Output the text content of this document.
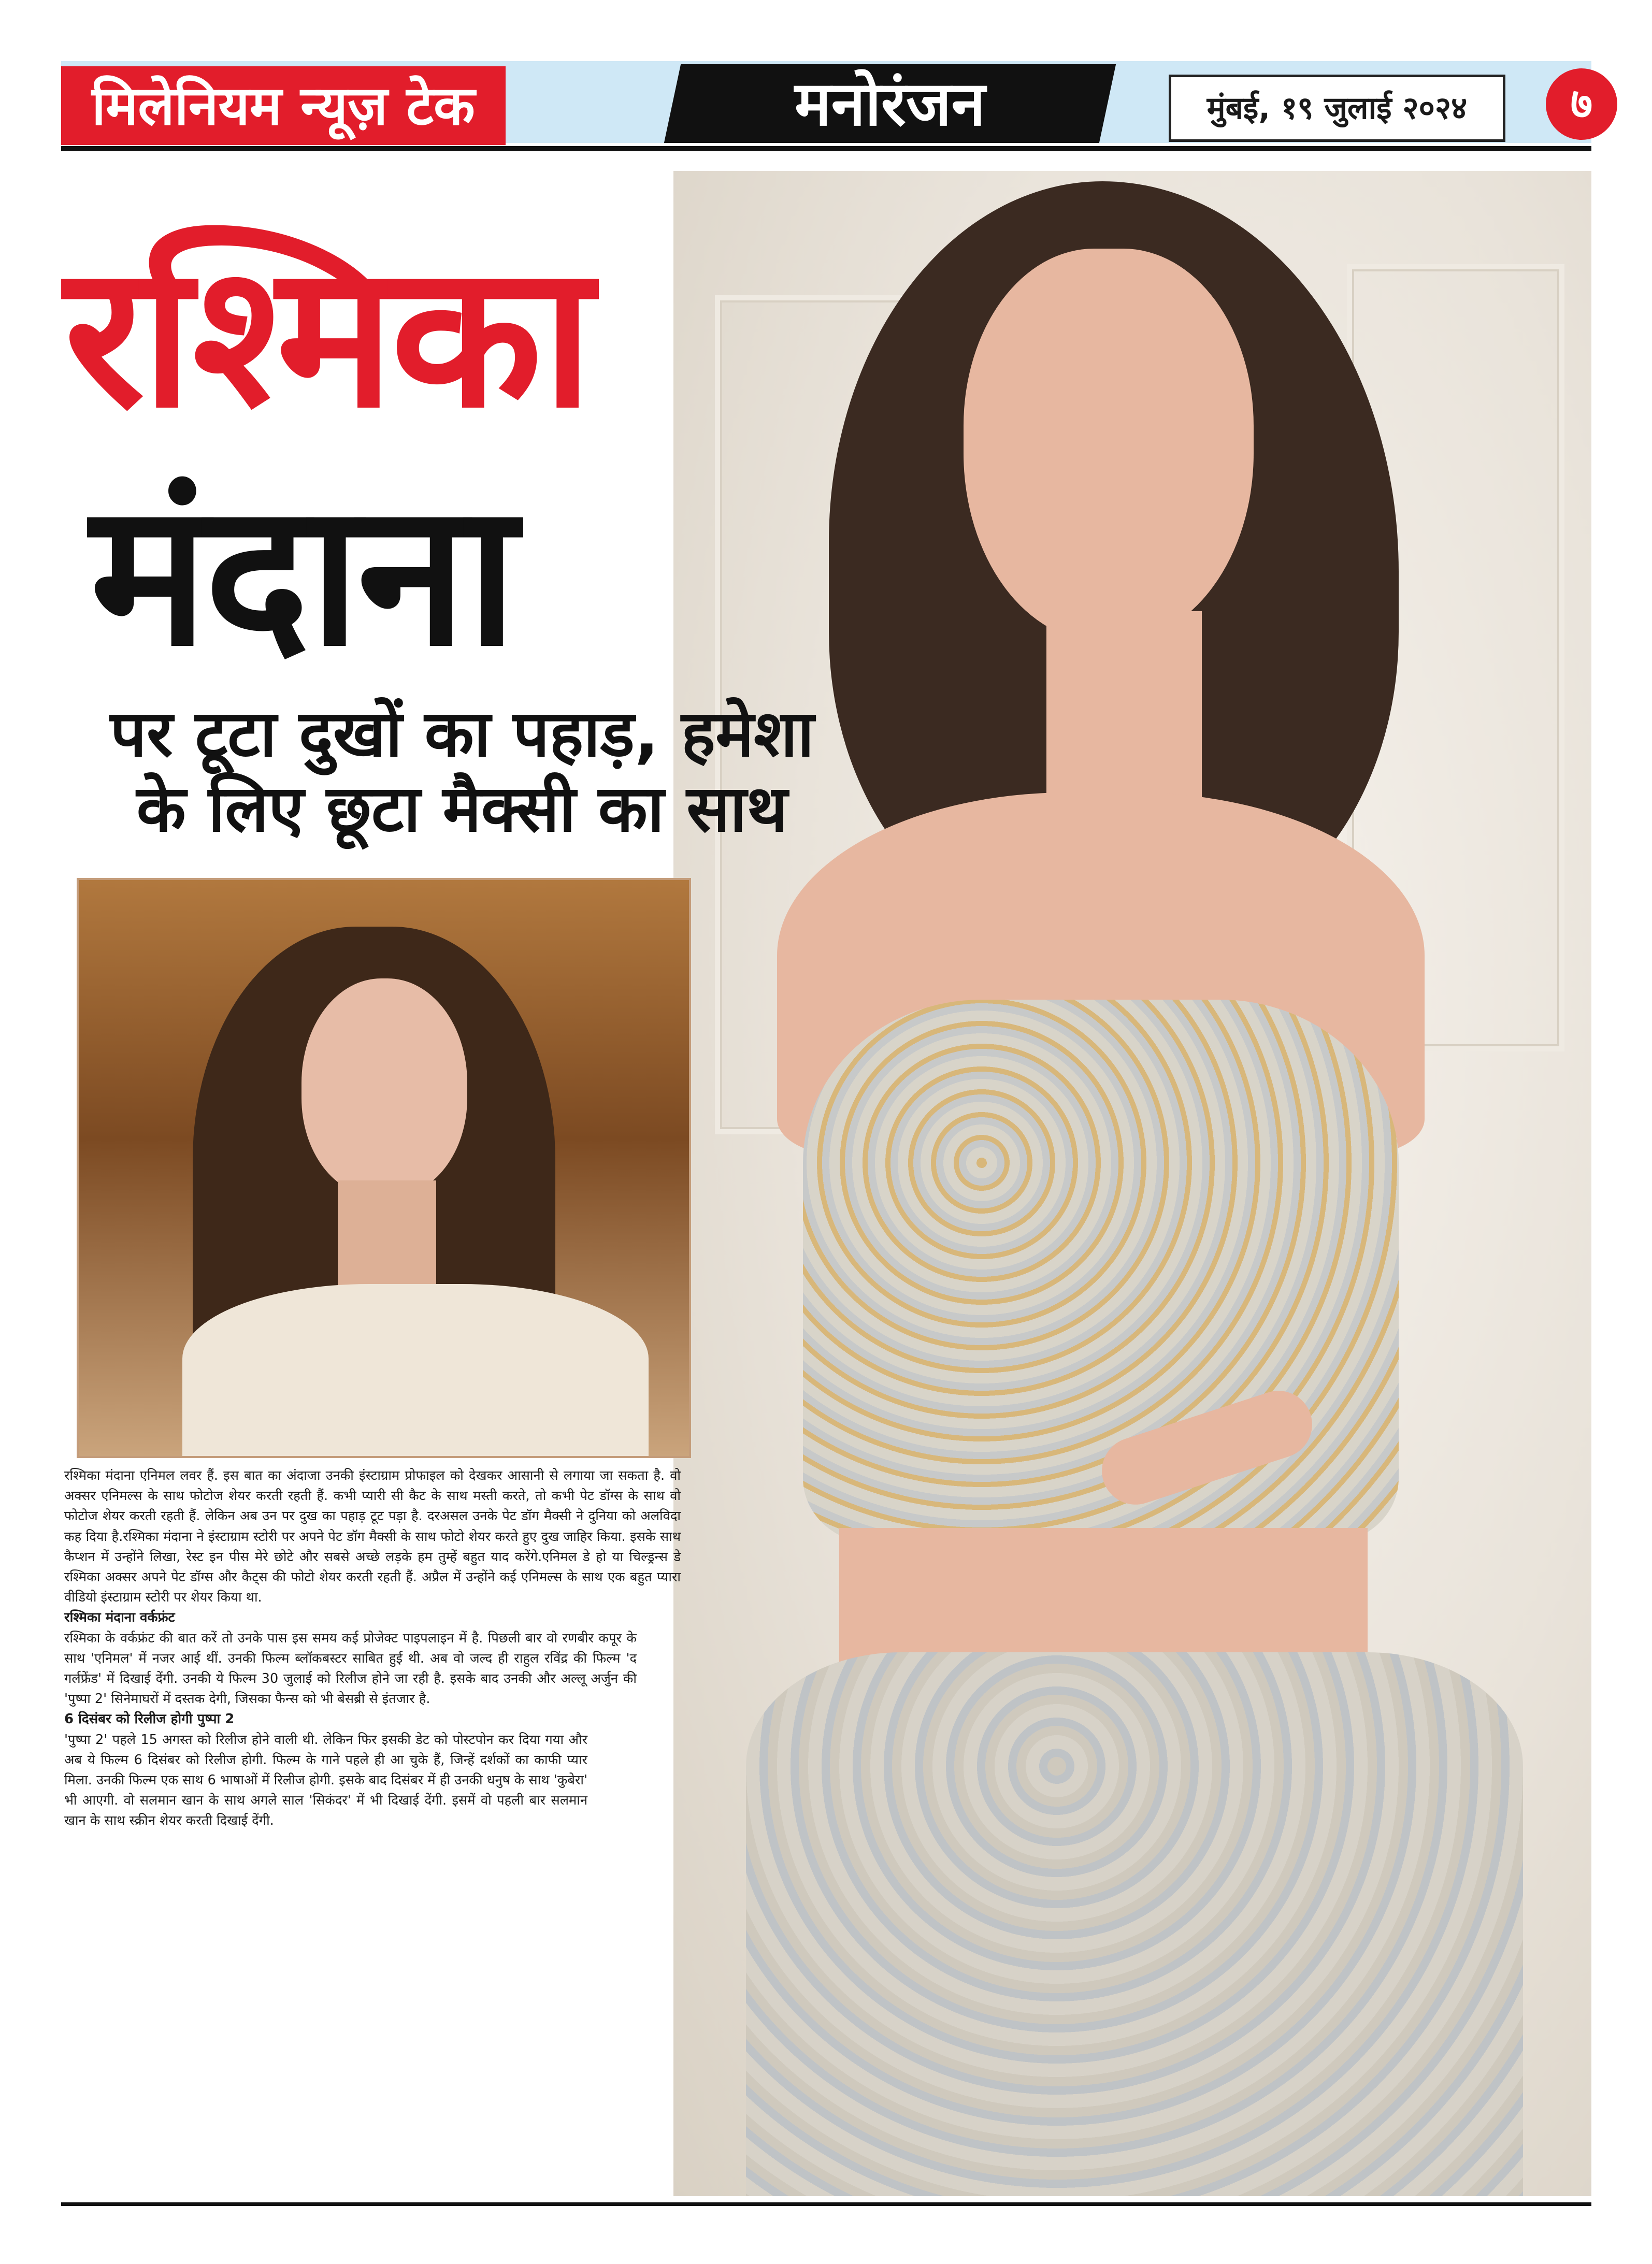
मिलेनियम न्यूज़ टेक	मनोरंजन	मुंबई, १९ जुलाई २०२४	७
रश्मिका
मंदाना
पर टूटा दुखों का पहाड़, हमेशा
के लिए छूटा मैक्सी का साथ

रश्मिका मंदाना एनिमल लवर हैं. इस बात का अंदाजा उनकी इंस्टाग्राम प्रोफाइल को देखकर आसानी से लगाया जा सकता है. वो अक्सर एनिमल्स के साथ फोटोज शेयर करती रहती हैं. कभी प्यारी सी कैट के साथ मस्ती करते, तो कभी पेट डॉग्स के साथ वो फोटोज शेयर करती रहती हैं. लेकिन अब उन पर दुख का पहाड़ टूट पड़ा है. दरअसल उनके पेट डॉग मैक्सी ने दुनिया को अलविदा कह दिया है.रश्मिका मंदाना ने इंस्टाग्राम स्टोरी पर अपने पेट डॉग मैक्सी के साथ फोटो शेयर करते हुए दुख जाहिर किया. इसके साथ कैप्शन में उन्होंने लिखा, रेस्ट इन पीस मेरे छोटे और सबसे अच्छे लड़के हम तुम्हें बहुत याद करेंगे.एनिमल डे हो या चिल्ड्रन्स डे रश्मिका अक्सर अपने पेट डॉग्स और कैट्स की फोटो शेयर करती रहती हैं. अप्रैल में उन्होंने कई एनिमल्स के साथ एक बहुत प्यारा वीडियो इंस्टाग्राम स्टोरी पर शेयर किया था.

रश्मिका मंदाना वर्कफ्रंट

रश्मिका के वर्कफ्रंट की बात करें तो उनके पास इस समय कई प्रोजेक्ट पाइपलाइन में है. पिछली बार वो रणबीर कपूर के साथ 'एनिमल' में नजर आई थीं. उनकी फिल्म ब्लॉकबस्टर साबित हुई थी. अब वो जल्द ही राहुल रविंद्र की फिल्म 'द गर्लफ्रेंड' में दिखाई देंगी. उनकी ये फिल्म 30 जुलाई को रिलीज होने जा रही है. इसके बाद उनकी और अल्लू अर्जुन की 'पुष्पा 2' सिनेमाघरों में दस्तक देगी, जिसका फैन्स को भी बेसब्री से इंतजार है.

6 दिसंबर को रिलीज होगी पुष्पा 2

'पुष्पा 2' पहले 15 अगस्त को रिलीज होने वाली थी. लेकिन फिर इसकी डेट को पोस्टपोन कर दिया गया और अब ये फिल्म 6 दिसंबर को रिलीज होगी. फिल्म के गाने पहले ही आ चुके हैं, जिन्हें दर्शकों का काफी प्यार मिला. उनकी फिल्म एक साथ 6 भाषाओं में रिलीज होगी. इसके बाद दिसंबर में ही उनकी धनुष के साथ 'कुबेरा' भी आएगी. वो सलमान खान के साथ अगले साल 'सिकंदर' में भी दिखाई देंगी. इसमें वो पहली बार सलमान खान के साथ स्क्रीन शेयर करती दिखाई देंगी.
